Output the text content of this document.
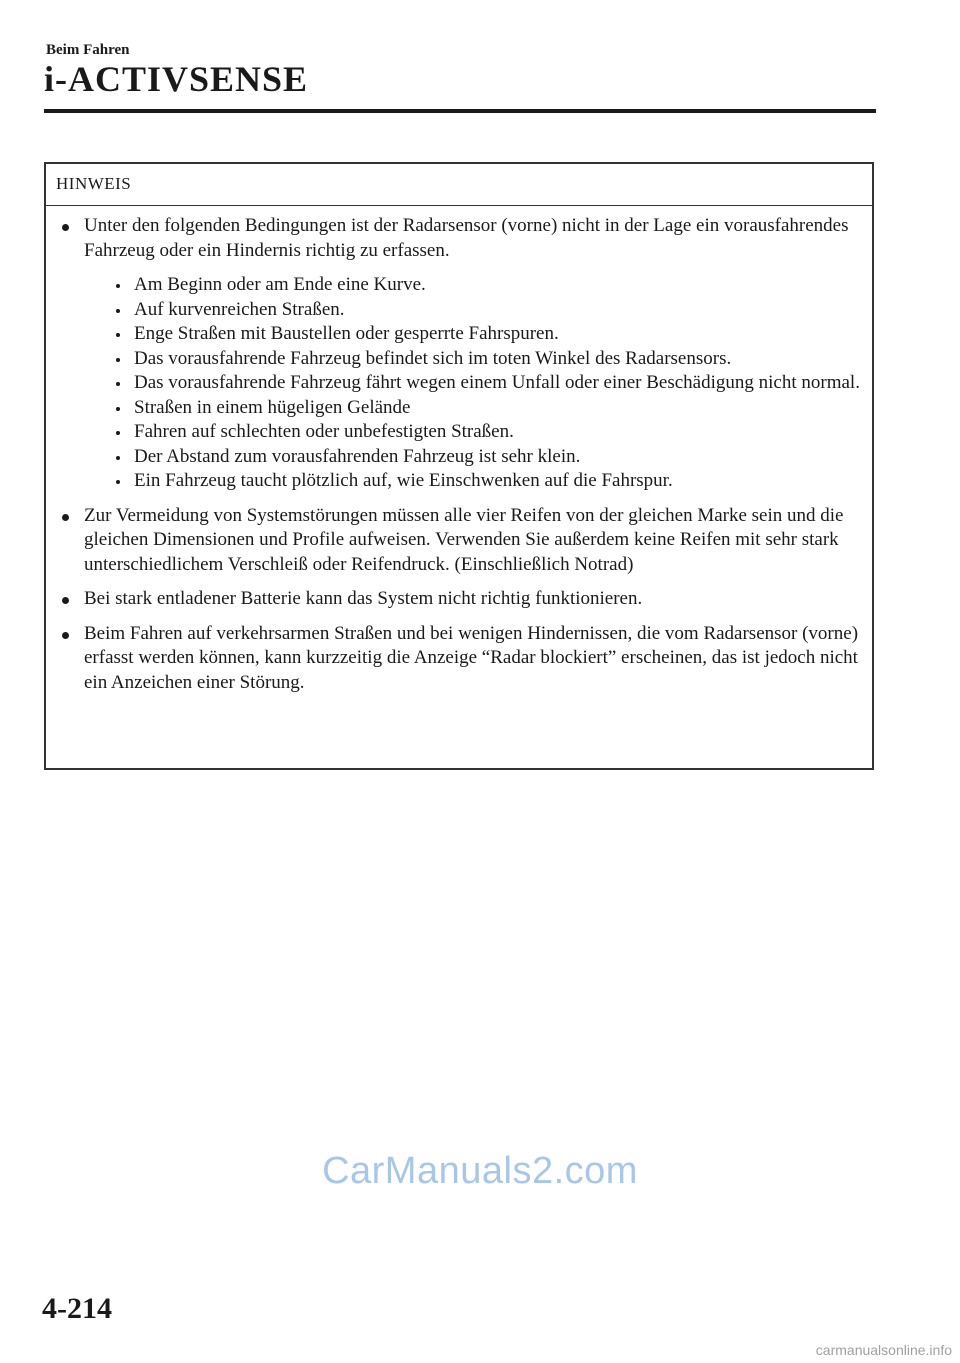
Beim Fahren
i-ACTIVSENSE
HINWEIS
Unter den folgenden Bedingungen ist der Radarsensor (vorne) nicht in der Lage ein vorausfahrendes Fahrzeug oder ein Hindernis richtig zu erfassen.
Am Beginn oder am Ende eine Kurve.
Auf kurvenreichen Straßen.
Enge Straßen mit Baustellen oder gesperrte Fahrspuren.
Das vorausfahrende Fahrzeug befindet sich im toten Winkel des Radarsensors.
Das vorausfahrende Fahrzeug fährt wegen einem Unfall oder einer Beschädigung nicht normal.
Straßen in einem hügeligen Gelände
Fahren auf schlechten oder unbefestigten Straßen.
Der Abstand zum vorausfahrenden Fahrzeug ist sehr klein.
Ein Fahrzeug taucht plötzlich auf, wie Einschwenken auf die Fahrspur.
Zur Vermeidung von Systemstörungen müssen alle vier Reifen von der gleichen Marke sein und die gleichen Dimensionen und Profile aufweisen. Verwenden Sie außerdem keine Reifen mit sehr stark unterschiedlichem Verschleiß oder Reifendruck. (Einschließlich Notrad)
Bei stark entladener Batterie kann das System nicht richtig funktionieren.
Beim Fahren auf verkehrsarmen Straßen und bei wenigen Hindernissen, die vom Radarsensor (vorne) erfasst werden können, kann kurzzeitig die Anzeige “Radar blockiert” erscheinen, das ist jedoch nicht ein Anzeichen einer Störung.
CarManuals2.com
4-214
carmanualsonline.info
